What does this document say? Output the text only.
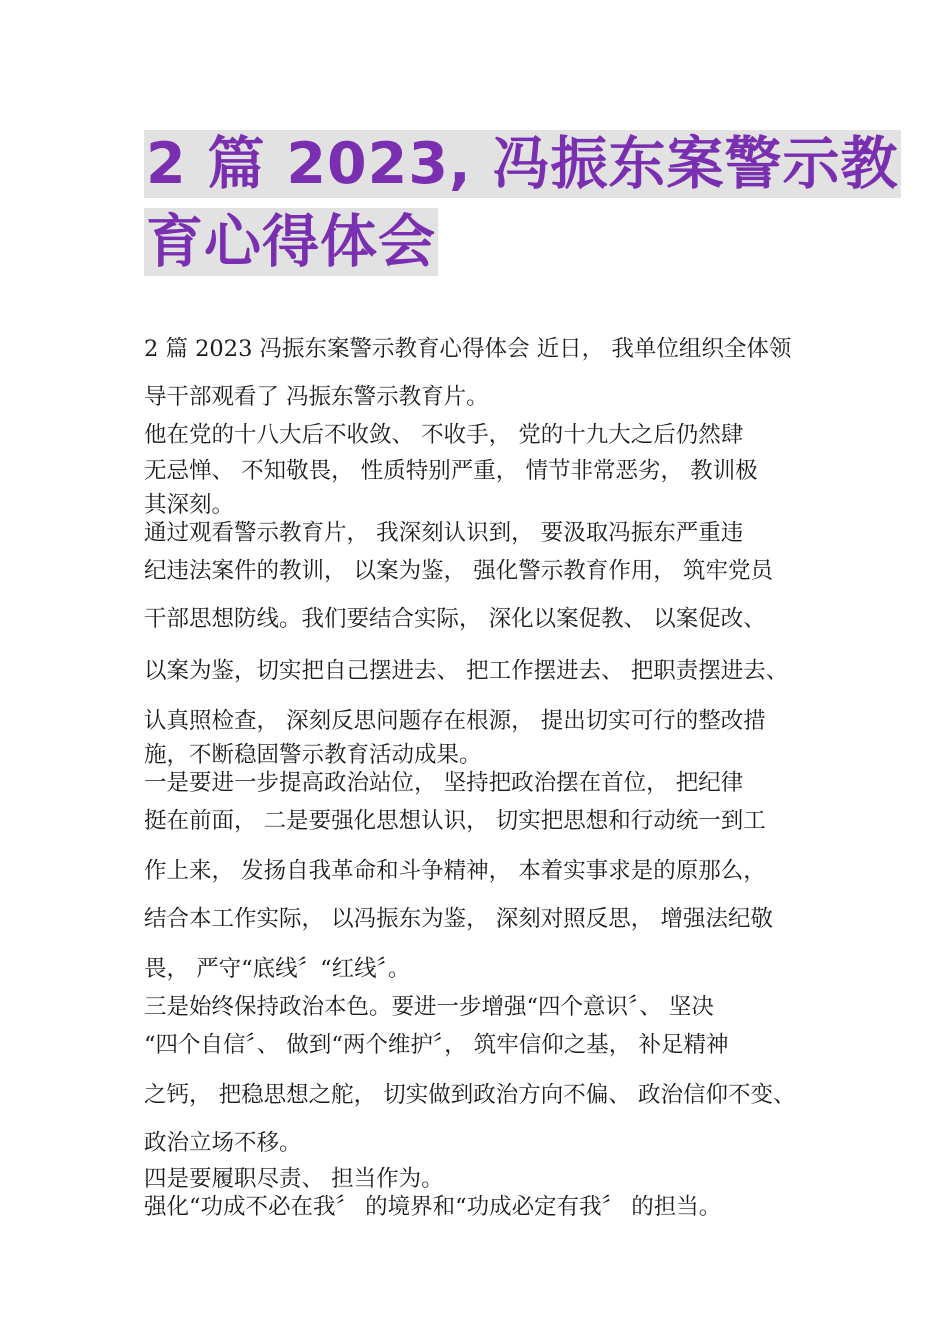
2 篇 2023, 冯振东案警示教
育心得体会
2 篇 2023 冯振东案警示教育心得体会 近日， 我单位组织全体领
导干部观看了 冯振东警示教育片。
他在党的十八大后不收敛、 不收手， 党的十九大之后仍然肆
无忌惮、 不知敬畏， 性质特别严重， 情节非常恶劣， 教训极
其深刻。
通过观看警示教育片， 我深刻认识到， 要汲取冯振东严重违
纪违法案件的教训， 以案为鉴， 强化警示教育作用， 筑牢党员
干部思想防线。我们要结合实际， 深化以案促教、 以案促改、
以案为鉴，切实把自己摆进去、 把工作摆进去、 把职责摆进去、
认真照检查， 深刻反思问题存在根源， 提出切实可行的整改措
施，不断稳固警示教育活动成果。
一是要进一步提高政治站位， 坚持把政治摆在首位， 把纪律
挺在前面， 二是要强化思想认识， 切实把思想和行动统一到工
作上来， 发扬自我革命和斗争精神， 本着实事求是的原那么，
结合本工作实际， 以冯振东为鉴， 深刻对照反思， 增强法纪敬
畏， 严守“底线〞“红线〞。
三是始终保持政治本色。要进一步增强“四个意识〞、 坚决
“四个自信〞、 做到“两个维护〞， 筑牢信仰之基， 补足精神
之钙， 把稳思想之舵， 切实做到政治方向不偏、 政治信仰不变、
政治立场不移。
四是要履职尽责、 担当作为。
强化“功成不必在我〞 的境界和“功成必定有我〞 的担当。
